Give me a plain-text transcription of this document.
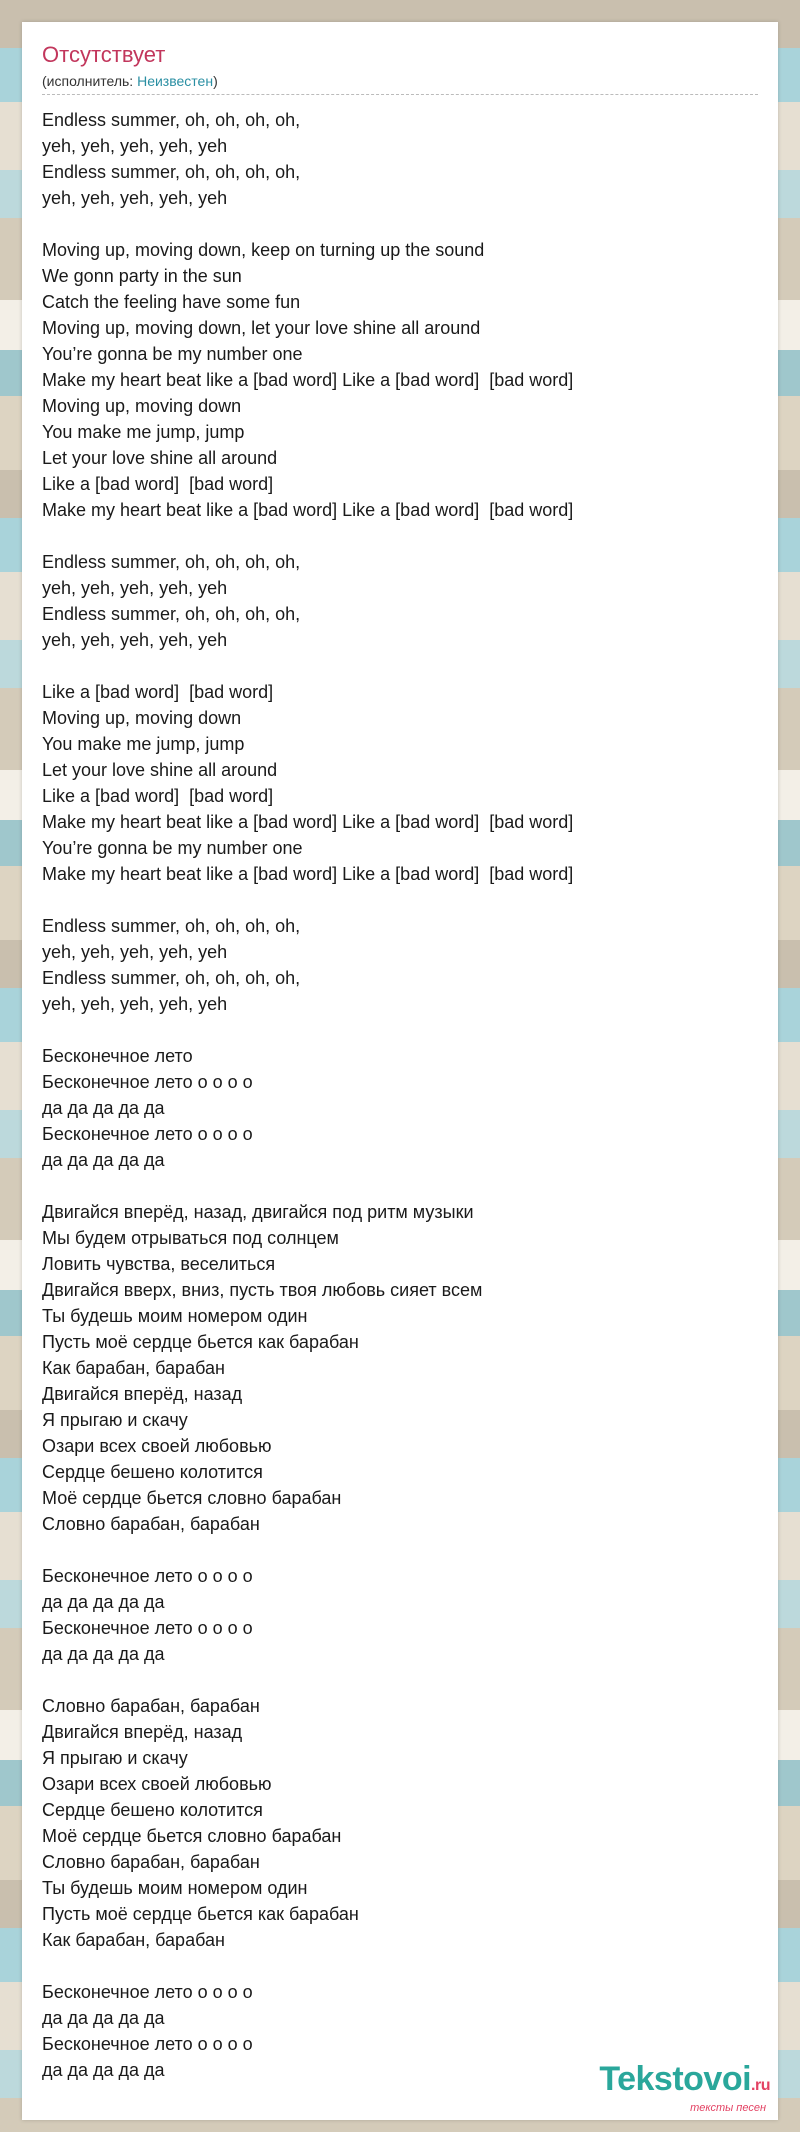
Отсутствует
(исполнитель: Неизвестен)
Endless summer, oh, oh, oh, oh,
yeh, yeh, yeh, yeh, yeh
Endless summer, oh, oh, oh, oh,
yeh, yeh, yeh, yeh, yeh
Moving up, moving down, keep on turning up the sound
We gonn party in the sun
Catch the feeling have some fun
Moving up, moving down, let your love shine all around
You’re gonna be my number one
Make my heart beat like a [bad word] Like a [bad word]  [bad word]
Moving up, moving down
You make me jump, jump
Let your love shine all around
Like a [bad word]  [bad word]
Make my heart beat like a [bad word] Like a [bad word]  [bad word]
Endless summer, oh, oh, oh, oh,
yeh, yeh, yeh, yeh, yeh
Endless summer, oh, oh, oh, oh,
yeh, yeh, yeh, yeh, yeh
Like a [bad word]  [bad word]
Moving up, moving down
You make me jump, jump
Let your love shine all around
Like a [bad word]  [bad word]
Make my heart beat like a [bad word] Like a [bad word]  [bad word]
You’re gonna be my number one
Make my heart beat like a [bad word] Like a [bad word]  [bad word]
Endless summer, oh, oh, oh, oh,
yeh, yeh, yeh, yeh, yeh
Endless summer, oh, oh, oh, oh,
yeh, yeh, yeh, yeh, yeh
Бесконечное лето
Бесконечное лето о о о о
да да да да да
Бесконечное лето о о о о
да да да да да
Двигайся вперёд, назад, двигайся под ритм музыки
Мы будем отрываться под солнцем
Ловить чувства, веселиться
Двигайся вверх, вниз, пусть твоя любовь сияет всем
Ты будешь моим номером один
Пусть моё сердце бьется как барабан
Как барабан, барабан
Двигайся вперёд, назад
Я прыгаю и скачу
Озари всех своей любовью
Сердце бешено колотится
Моё сердце бьется словно барабан
Словно барабан, барабан
Бесконечное лето о о о о
да да да да да
Бесконечное лето о о о о
да да да да да
Словно барабан, барабан
Двигайся вперёд, назад
Я прыгаю и скачу
Озари всех своей любовью
Сердце бешено колотится
Моё сердце бьется словно барабан
Словно барабан, барабан
Ты будешь моим номером один
Пусть моё сердце бьется как барабан
Как барабан, барабан
Бесконечное лето о о о о
да да да да да
Бесконечное лето о о о о
да да да да да	Tekstovoi.ru
тексты песен
